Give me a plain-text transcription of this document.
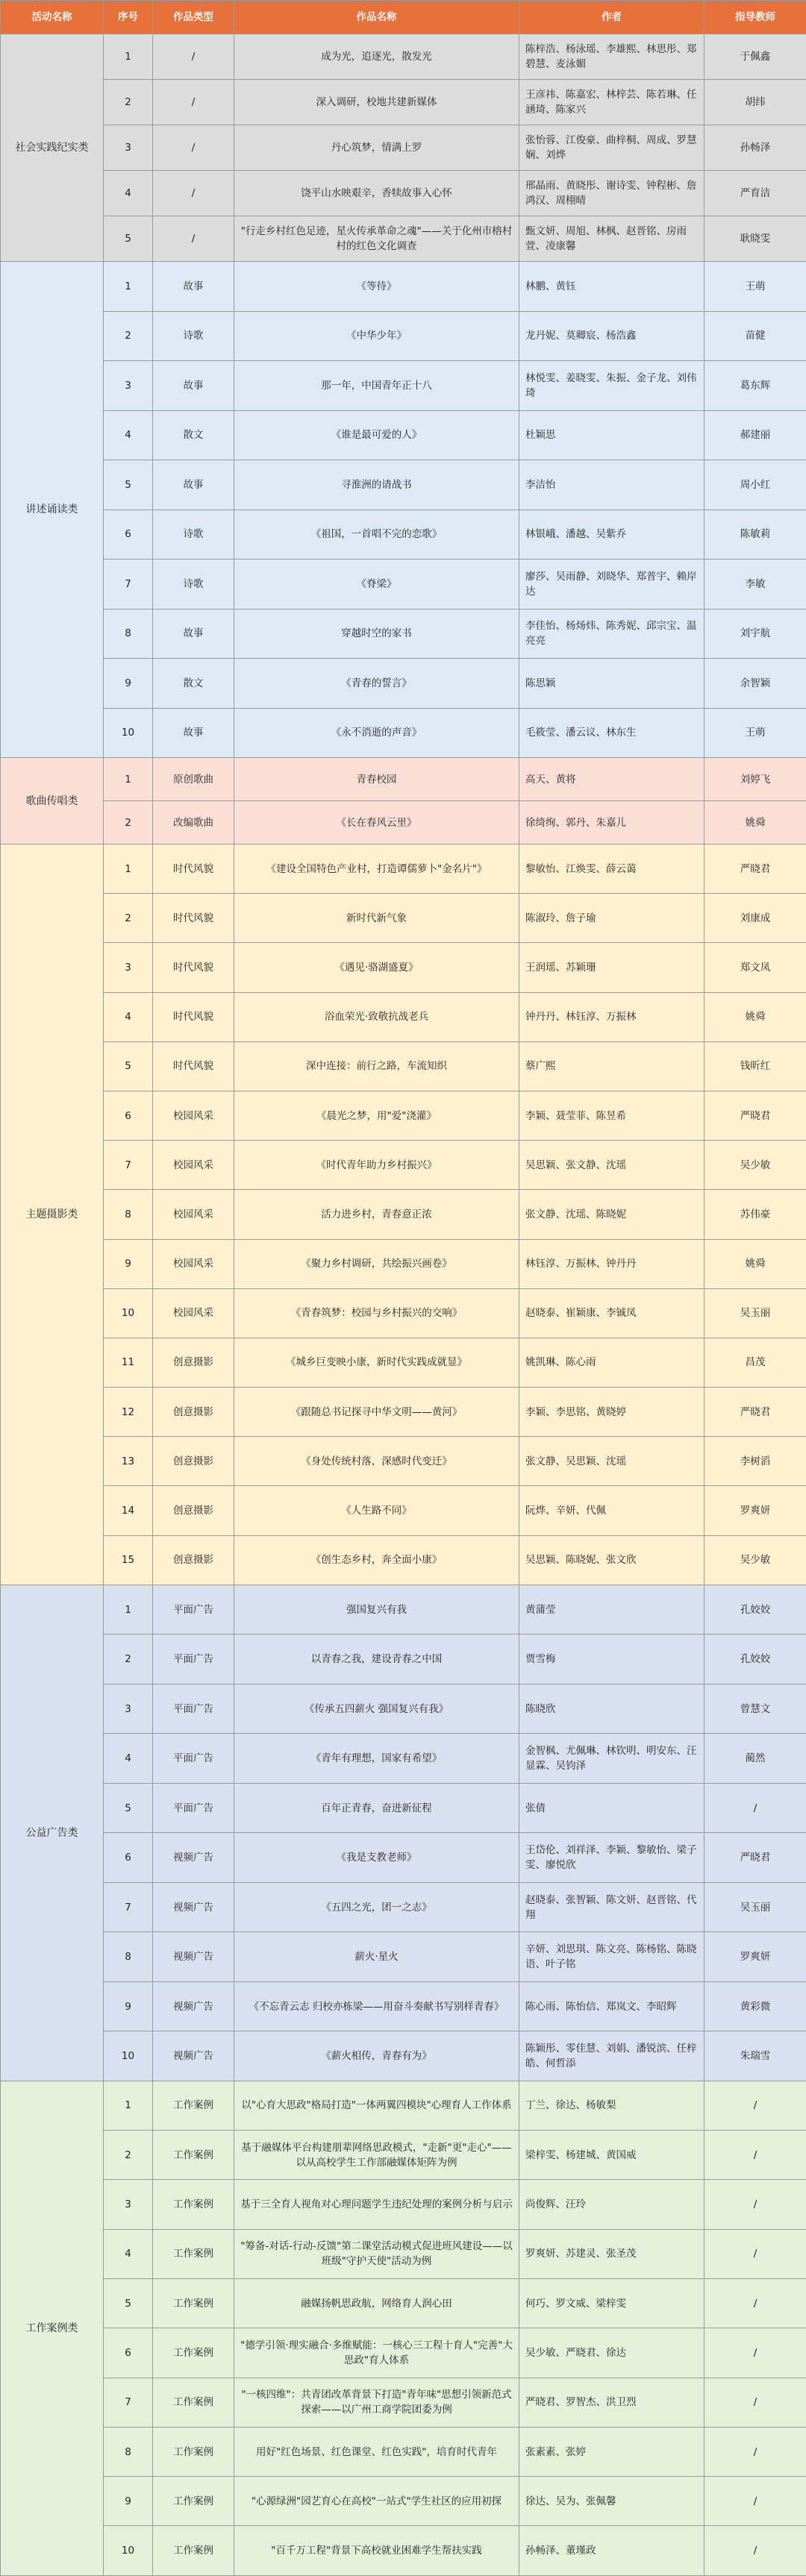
活动名称	序号	作品类型	作品名称	作者	指导教师
社会实践纪实类	1	/	成为光，追逐光，散发光	陈梓浩、杨泳瑶、李雄熙、林思彤、郑碧慧、麦泳媚	于佩鑫
	2	/	深入调研，校地共建新媒体	王彦祎、陈嘉宏、林梓芸、陈若琳、任涵琦、陈家兴	胡纬
	3	/	丹心筑梦，情满上罗	张怡蓉、江俊豪、曲梓桐、周成、罗慧娴、刘烨	孙畅泽
	4	/	饶平山水映艰辛，香犊故事入心怀	邢晶雨、黄晓彤、谢诗雯、钟程彬、詹鸿汉、周栩晴	严育洁
	5	/	"行走乡村红色足迹，星火传承革命之魂"——关于化州市榕村村的红色文化调查	甄文妍、周旭、林枫、赵晋铭、房雨萱、凌康馨	耿晓雯
讲述诵读类	1	故事	《等待》	林鹏、黄钰	王萌
	2	诗歌	《中华少年》	龙丹妮、莫卿宸、杨浩鑫	苗健
	3	故事	那一年，中国青年正十八	林悦雯、姜晓雯、朱振、金子龙、刘伟琦	葛东辉
	4	散文	《谁是最可爱的人》	杜颖思	郝建丽
	5	故事	寻淮洲的请战书	李洁怡	周小红
	6	诗歌	《祖国，一首唱不完的恋歌》	林银峨、潘越、吴紫乔	陈敏莉
	7	诗歌	《脊梁》	廖莎、吴雨静、刘晓华、郑普宇、赖岸达	李敏
	8	故事	穿越时空的家书	李佳怡、杨炀炜、陈秀妮、邱宗宝、温亮亮	刘宇航
	9	散文	《青春的誓言》	陈思颖	余智颖
	10	故事	《永不消逝的声音》	毛筱莹、潘云议、林东生	王萌
歌曲传唱类	1	原创歌曲	青春校园	高天、黄将	刘婷飞
	2	改编歌曲	《长在春风云里》	徐绮绚、郭丹、朱嘉儿	姚舜
主题摄影类	1	时代风貌	《建设全国特色产业村，打造谭儒萝卜"金名片"》	黎敏怡、江焕雯、薛云蔼	严晓君
	2	时代风貌	新时代新气象	陈淑玲、詹子瑜	刘康成
	3	时代风貌	《遇见·骆湖盛夏》	王润瑶、苏颖珊	郑文凤
	4	时代风貌	浴血荣光·致敬抗战老兵	钟丹丹、林钰淳、万振林	姚舜
	5	时代风貌	深中连接：前行之路，车流知织	蔡广熙	钱昕红
	6	校园风采	《晨光之梦，用"爱"浇灌》	李颖、聂莹菲、陈昱希	严晓君
	7	校园风采	《时代青年助力乡村振兴》	吴思颖、张文静、沈瑶	吴少敏
	8	校园风采	活力进乡村，青春意正浓	张文静、沈瑶、陈晓妮	苏伟豪
	9	校园风采	《聚力乡村调研，共绘振兴画卷》	林钰淳、万振林、钟丹丹	姚舜
	10	校园风采	《青春筑梦：校园与乡村振兴的交响》	赵晓泰、崔颖康、李铖凤	吴玉丽
	11	创意摄影	《城乡巨变映小康，新时代实践成就显》	姚凯琳、陈心雨	昌茂
	12	创意摄影	《跟随总书记探寻中华文明——黄河》	李颖、李思铭、黄晓婷	严晓君
	13	创意摄影	《身处传统村落，深感时代变迁》	张文静、吴思颖、沈瑶	李树滔
	14	创意摄影	《人生路不同》	阮烨、辛妍、代佩	罗爽妍
	15	创意摄影	《创生态乡村，奔全面小康》	吴思颖、陈晓妮、张文欣	吴少敏
公益广告类	1	平面广告	强国复兴有我	黄蒲莹	孔姣姣
	2	平面广告	以青春之我，建设青春之中国	贾雪梅	孔姣姣
	3	平面广告	《传承五四薪火 强国复兴有我》	陈晓欣	曾慧文
	4	平面广告	《青年有理想，国家有希望》	金智枫、尤佩琳、林钦明、明安东、汪显霖、吴钧泽	蔺然
	5	平面广告	百年正青春，奋进新征程	张倩	/
	6	视频广告	《我是支教老师》	王岱伦、刘祥泽、李颖、黎敏怡、梁子雯、廖悦欣	严晓君
	7	视频广告	《五四之光，团一之志》	赵晓泰、张智颖、陈文妍、赵晋铭、代翔	吴玉丽
	8	视频广告	薪火·星火	辛妍、刘思琪、陈文亮、陈杨铭、陈晓语、叶子铭	罗爽妍
	9	视频广告	《不忘青云志 归校亦栋梁——用奋斗奏献书写别样青春》	陈心雨、陈怡信、郑岚文、李昭辉	黄彩微
	10	视频广告	《薪火相传，青春有为》	陈颖彤、零佳慧、刘娟、潘锐滨、任梓皓、何哲添	朱瑞雪
工作案例类	1	工作案例	以"心育大思政"格局打造"一体两翼四模块"心理育人工作体系	丁兰、徐达、杨敏梨	/
	2	工作案例	基于融媒体平台构建朋辈网络思政模式，"走新"更"走心"——以从高校学生工作部融媒体矩阵为例	梁梓雯、杨建城、黄国威	/
	3	工作案例	基于三全育人视角对心理问题学生违纪处理的案例分析与启示	尚俊辉、汪玲	/
	4	工作案例	"筹备-对话-行动-反馈"第二课堂活动模式促进班风建设——以班级"守护天使"活动为例	罗爽妍、苏建灵、张圣茂	/
	5	工作案例	融媒扬帆思政航，网络育人润心田	何巧、罗文威、梁梓雯	/
	6	工作案例	"德学引领·理实融合·多维赋能：一核心三工程十育人"完善"大思政"育人体系	吴少敏、严晓君、徐达	/
	7	工作案例	"一核四维"：共青团改革背景下打造"青年味"思想引领新范式探索——以广州工商学院团委为例	严晓君、罗智杰、洪卫烈	/
	8	工作案例	用好"红色场景、红色课堂、红色实践"，培育时代青年	张素素、张婷	/
	9	工作案例	"心源绿洲"园艺育心在高校"一站式"学生社区的应用初探	徐达、吴为、张佩馨	/
	10	工作案例	"百千万工程"背景下高校就业困难学生帮扶实践	孙畅泽、董瑾政	/
